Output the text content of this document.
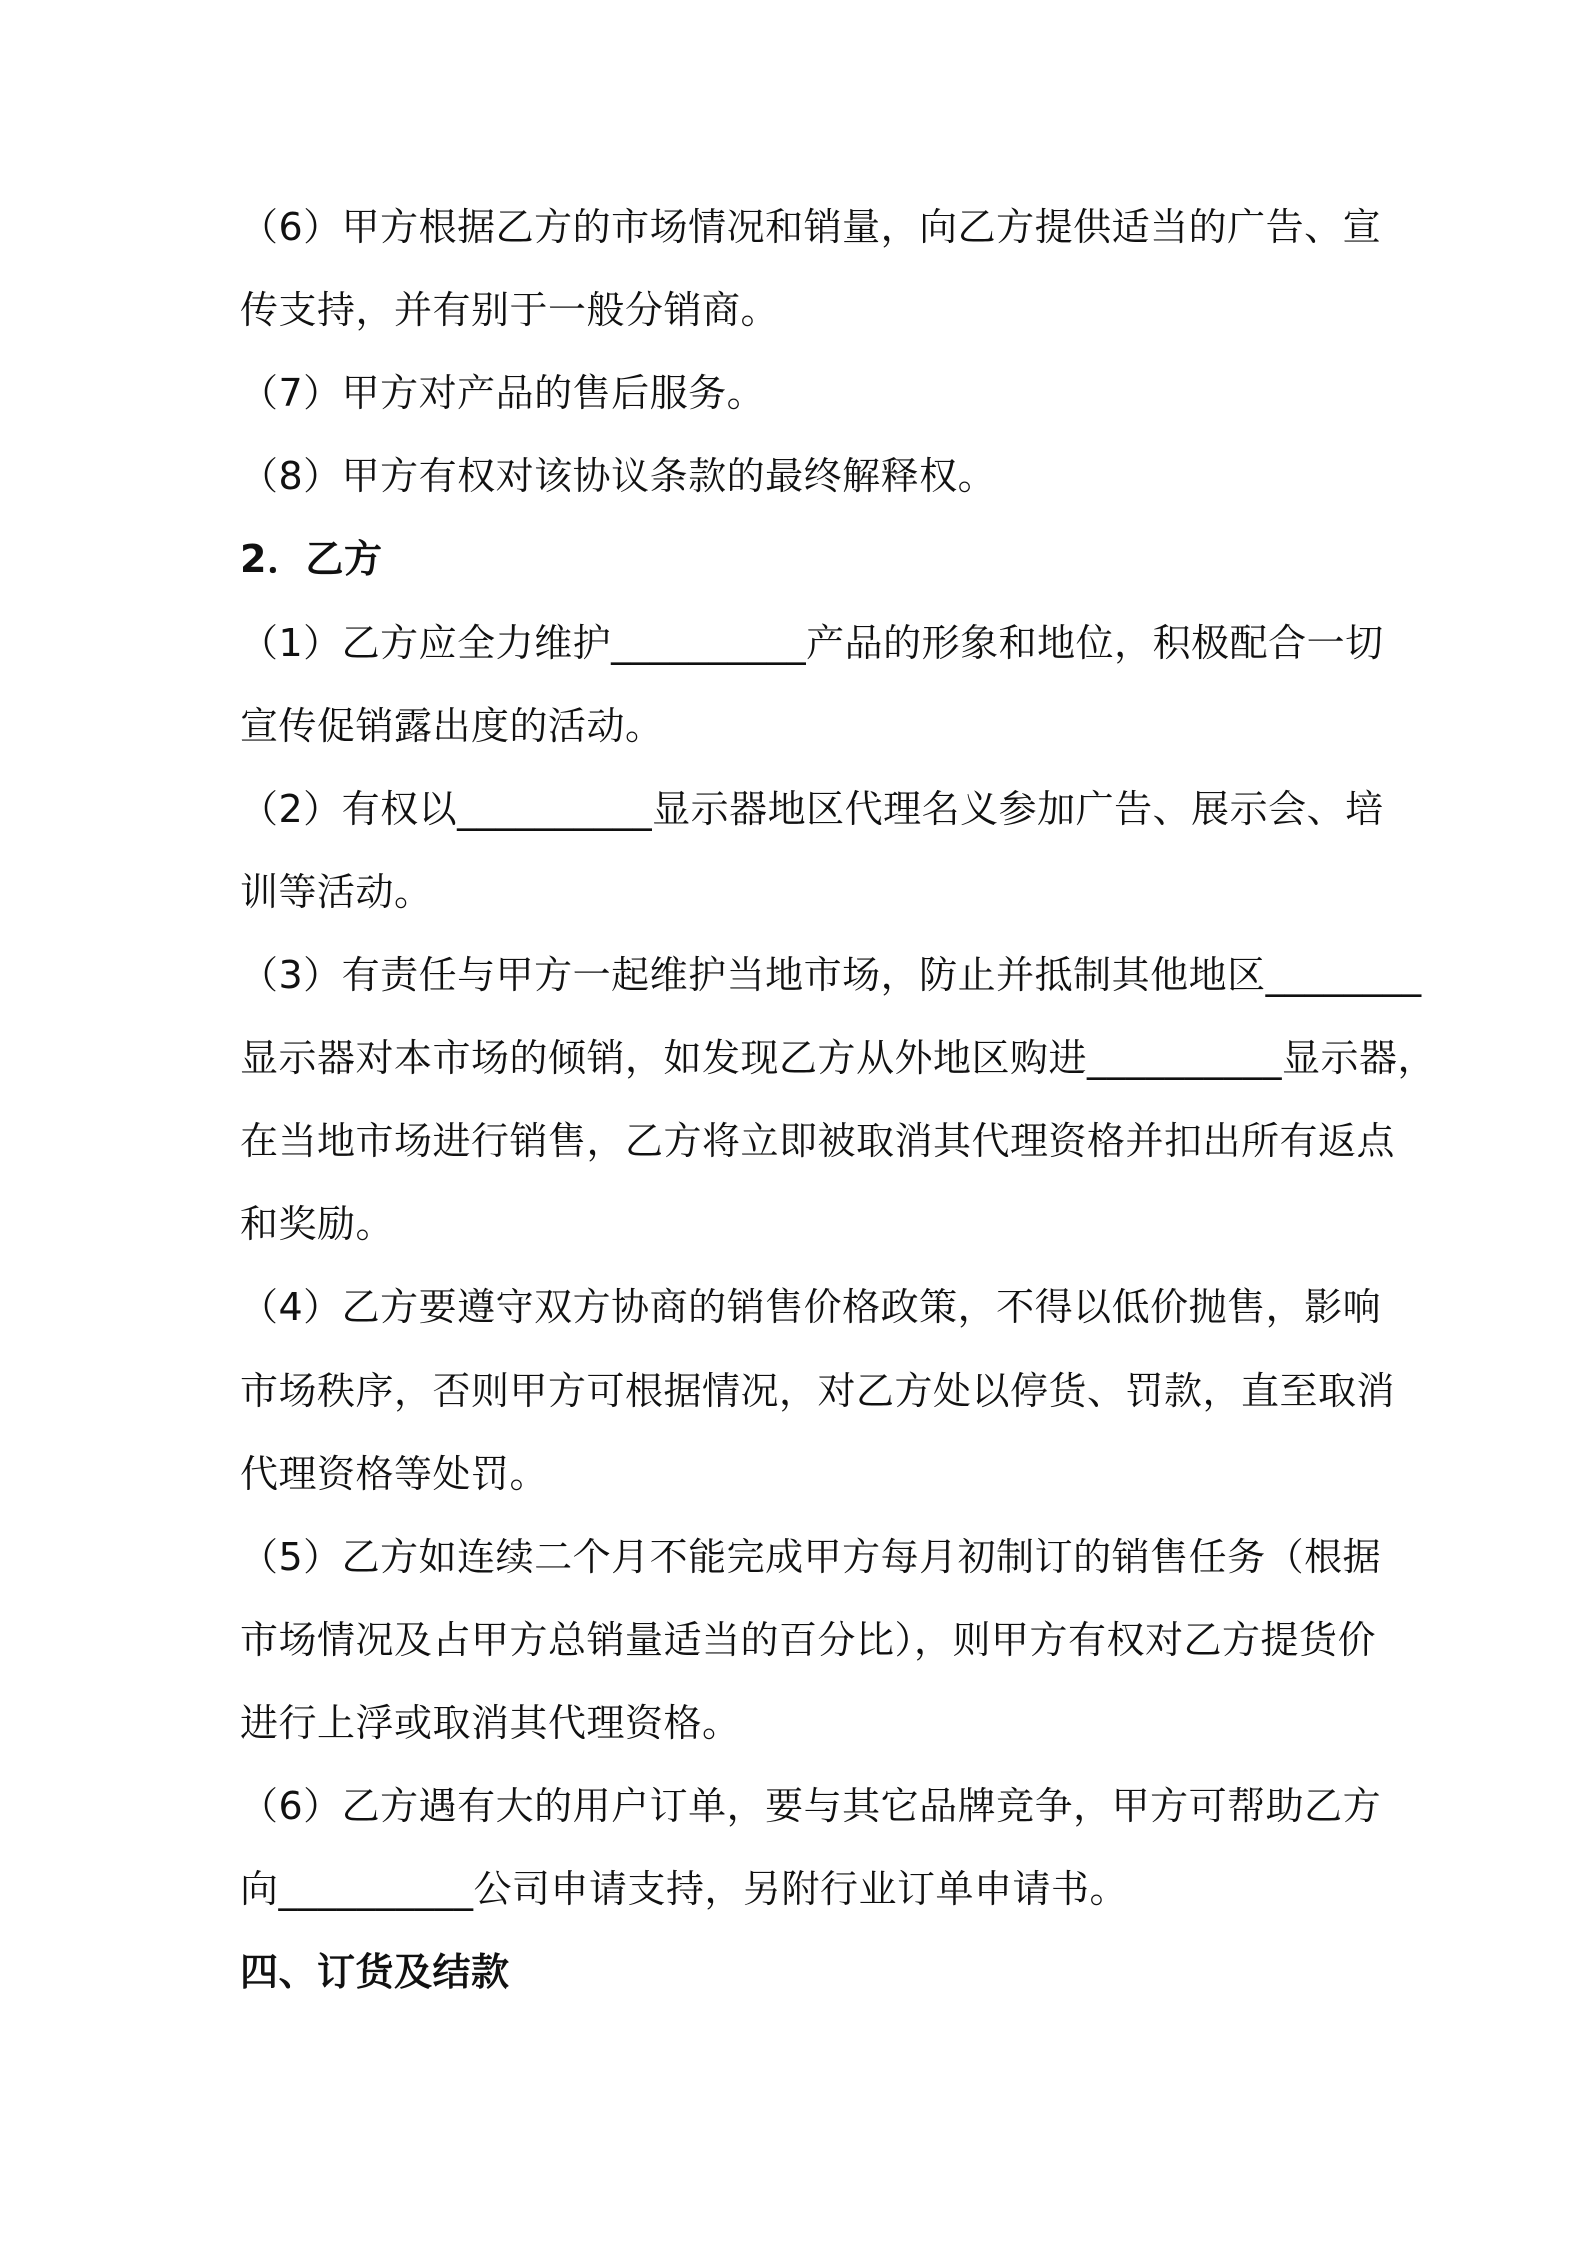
（6）甲方根据乙方的市场情况和销量，向乙方提供适当的广告、宣
传支持，并有别于一般分销商。
（7）甲方对产品的售后服务。
（8）甲方有权对该协议条款的最终解释权。
2．乙方
（1）乙方应全力维护__________产品的形象和地位，积极配合一切
宣传促销露出度的活动。
（2）有权以__________显示器地区代理名义参加广告、展示会、培
训等活动。
（3）有责任与甲方一起维护当地市场，防止并抵制其他地区________
显示器对本市场的倾销，如发现乙方从外地区购进__________显示器，
在当地市场进行销售，乙方将立即被取消其代理资格并扣出所有返点
和奖励。
（4）乙方要遵守双方协商的销售价格政策，不得以低价抛售，影响
市场秩序，否则甲方可根据情况，对乙方处以停货、罚款，直至取消
代理资格等处罚。
（5）乙方如连续二个月不能完成甲方每月初制订的销售任务（根据
市场情况及占甲方总销量适当的百分比），则甲方有权对乙方提货价
进行上浮或取消其代理资格。
（6）乙方遇有大的用户订单，要与其它品牌竞争，甲方可帮助乙方
向__________公司申请支持，另附行业订单申请书。
四、订货及结款
